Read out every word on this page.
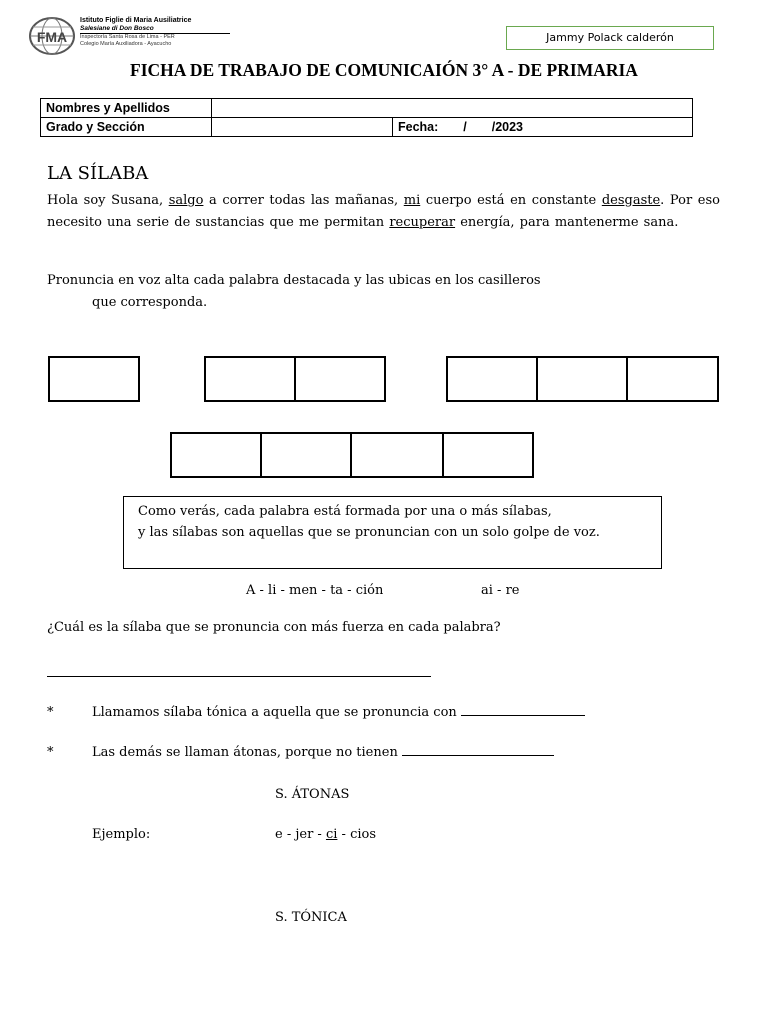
FMA
Istituto Figlie di Maria Ausiliatrice
Salesiane di Don Bosco
Inspectoría Santa Rosa de Lima - PER
Colegio María Auxiliadora - Ayacucho	Jammy Polack calderón
FICHA DE TRABAJO DE COMUNICAIÓN 3° A - DE PRIMARIA
Nombres y Apellidos		
Grado y Sección		Fecha: / /2023
LA SÍLABA
Hola soy Susana, salgo a correr todas las mañanas, mi cuerpo está en constante desgaste. Por eso necesito una serie de sustancias que me permitan recuperar energía, para mantenerme sana.
Pronuncia en voz alta cada palabra destacada y las ubicas en los casilleros
que corresponda.
Como verás, cada palabra está formada por una o más sílabas,
y las sílabas son aquellas que se pronuncian con un solo golpe de voz.
A - li - men - ta - ción	ai - re
¿Cuál es la sílaba que se pronuncia con más fuerza en cada palabra?
*	Llamamos sílaba tónica a aquella que se pronuncia con
*	Las demás se llaman átonas, porque no tienen
S. ÁTONAS
Ejemplo:	e - jer - ci - cios
S. TÓNICA
